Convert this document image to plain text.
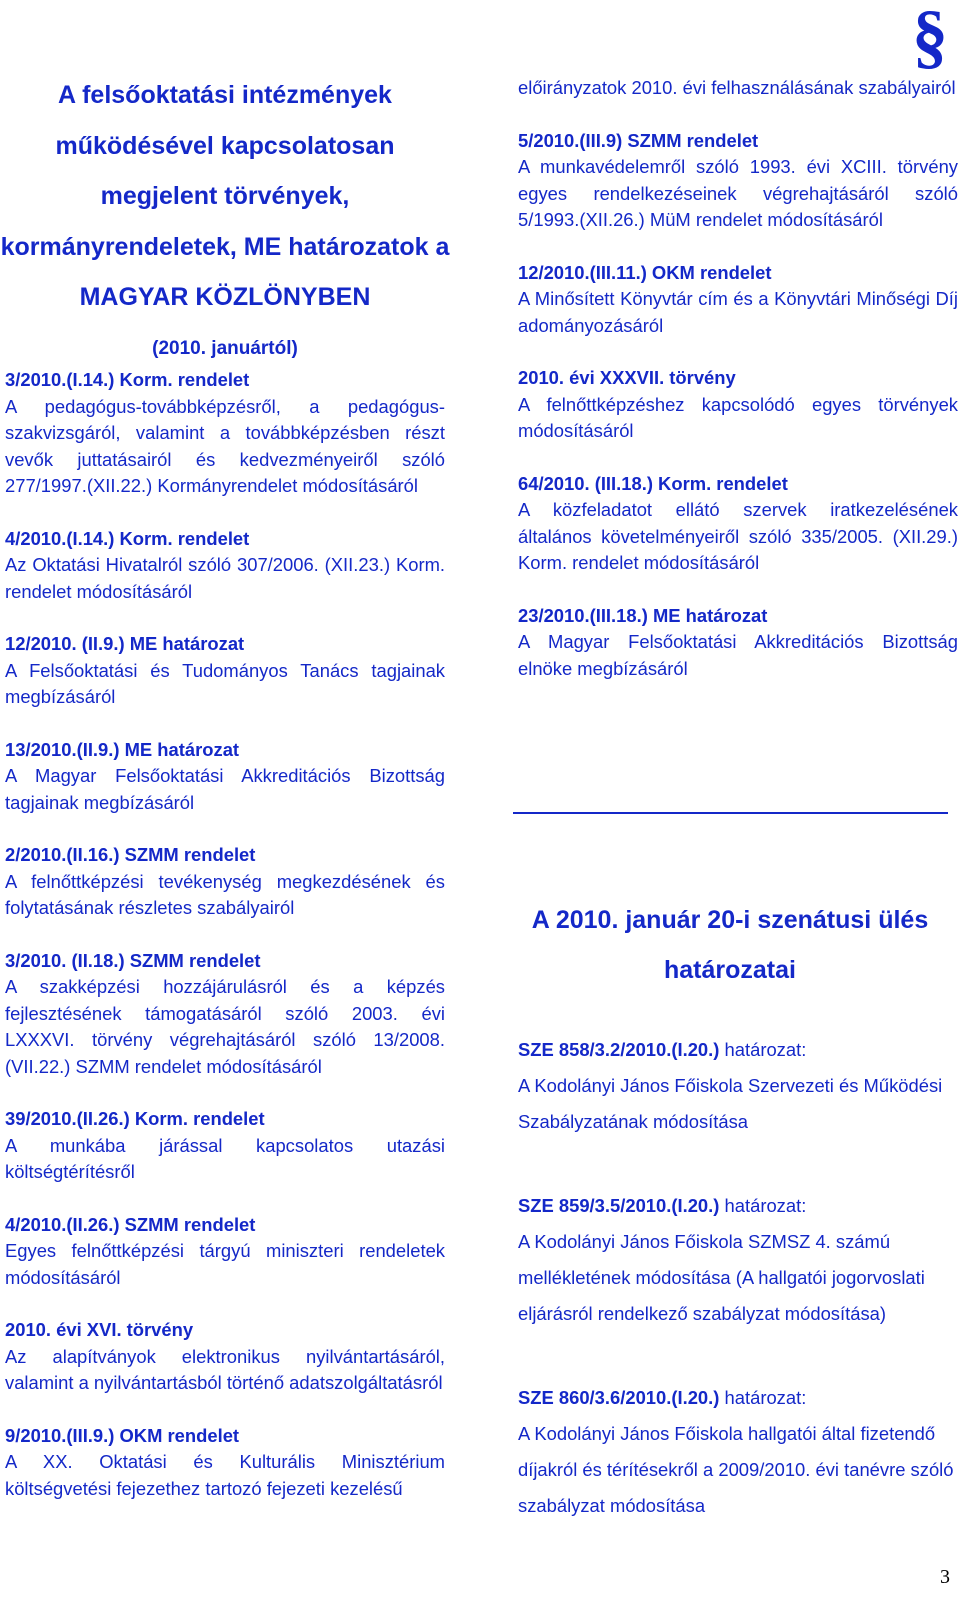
§
A felsőoktatási intézmények
működésével kapcsolatosan
megjelent törvények,
kormányrendeletek, ME határozatok a
MAGYAR KÖZLÖNYBEN
(2010. januártól)
3/2010.(I.14.) Korm. rendelet
A pedagógus-továbbképzésről, a pedagógus-szakvizsgáról, valamint a továbbképzésben részt vevők juttatásairól és kedvezményeiről szóló 277/1997.(XII.22.) Kormányrendelet módosításáról
4/2010.(I.14.) Korm. rendelet
Az Oktatási Hivatalról szóló 307/2006. (XII.23.) Korm. rendelet módosításáról
12/2010. (II.9.) ME határozat
A Felsőoktatási és Tudományos Tanács tagjainak megbízásáról
13/2010.(II.9.) ME határozat
A Magyar Felsőoktatási Akkreditációs Bizottság tagjainak megbízásáról
2/2010.(II.16.) SZMM rendelet
A felnőttképzési tevékenység megkezdésének és folytatásának részletes szabályairól
3/2010. (II.18.) SZMM rendelet
A szakképzési hozzájárulásról és a képzés fejlesztésének támogatásáról szóló 2003. évi LXXXVI. törvény végrehajtásáról szóló 13/2008.(VII.22.) SZMM rendelet módosításáról
39/2010.(II.26.) Korm. rendelet
A munkába járással kapcsolatos utazási költségtérítésről
4/2010.(II.26.) SZMM rendelet
Egyes felnőttképzési tárgyú miniszteri rendeletek módosításáról
2010. évi XVI. törvény
Az alapítványok elektronikus nyilvántartásáról, valamint a nyilvántartásból történő adatszolgáltatásról
9/2010.(III.9.) OKM rendelet
A XX. Oktatási és Kulturális Minisztérium költségvetési fejezethez tartozó fejezeti kezelésű
előirányzatok 2010. évi felhasználásának szabályairól
5/2010.(III.9) SZMM rendelet
A munkavédelemről szóló 1993. évi XCIII. törvény egyes rendelkezéseinek végrehajtásáról szóló 5/1993.(XII.26.) MüM rendelet módosításáról
12/2010.(III.11.) OKM rendelet
A Minősített Könyvtár cím és a Könyvtári Minőségi Díj adományozásáról
2010. évi XXXVII. törvény
A felnőttképzéshez kapcsolódó egyes törvények módosításáról
64/2010. (III.18.) Korm. rendelet
A közfeladatot ellátó szervek iratkezelésének általános követelményeiről szóló 335/2005. (XII.29.) Korm. rendelet módosításáról
23/2010.(III.18.) ME határozat
A Magyar Felsőoktatási Akkreditációs Bizottság elnöke megbízásáról
A 2010. január 20-i szenátusi ülés
határozatai
SZE 858/3.2/2010.(I.20.) határozat:
A Kodolányi János Főiskola Szervezeti és Működési Szabályzatának módosítása
SZE 859/3.5/2010.(I.20.) határozat:
A Kodolányi János Főiskola SZMSZ 4. számú mellékletének módosítása (A hallgatói jogorvoslati eljárásról rendelkező szabályzat módosítása)
SZE 860/3.6/2010.(I.20.) határozat:
A Kodolányi János Főiskola hallgatói által fizetendő díjakról és térítésekről a 2009/2010. évi tanévre szóló szabályzat módosítása
3
